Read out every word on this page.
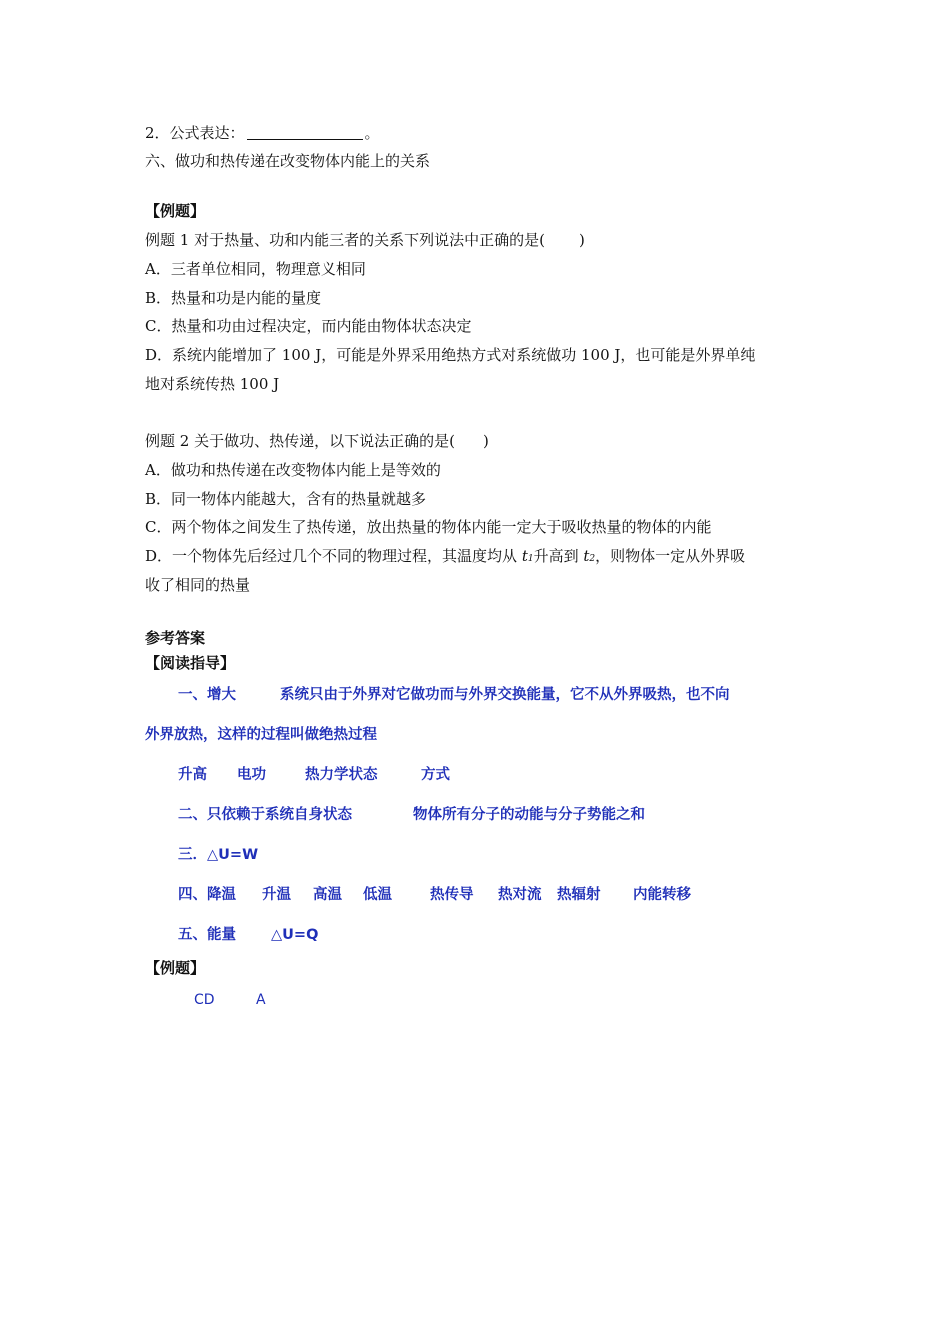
2．公式表达：	。
六、做功和热传递在改变物体内能上的关系
【例题】
例题 1 对于热量、功和内能三者的关系下列说法中正确的是( )
A．三者单位相同，物理意义相同
B．热量和功是内能的量度
C．热量和功由过程决定，而内能由物体状态决定
D．系统内能增加了 100 J，可能是外界采用绝热方式对系统做功 100 J，也可能是外界单纯
地对系统传热 100 J
例题 2 关于做功、热传递，以下说法正确的是( )
A．做功和热传递在改变物体内能上是等效的
B．同一物体内能越大，含有的热量就越多
C．两个物体之间发生了热传递，放出热量的物体内能一定大于吸收热量的物体的内能
D．一个物体先后经过几个不同的物理过程，其温度均从 t1升高到 t2，则物体一定从外界吸
收了相同的热量
参考答案
【阅读指导】
一、增大	系统只由于外界对它做功而与外界交换能量，它不从外界吸热，也不向
外界放热，这样的过程叫做绝热过程
升高 电功	热力学状态	方式
二、只依赖于系统自身状态	物体所有分子的动能与分子势能之和
三．△U=W
四、降温 升温 高温 低温	热传导 热对流 热辐射 内能转移
五、能量 △U=Q
【例题】
CD	A
